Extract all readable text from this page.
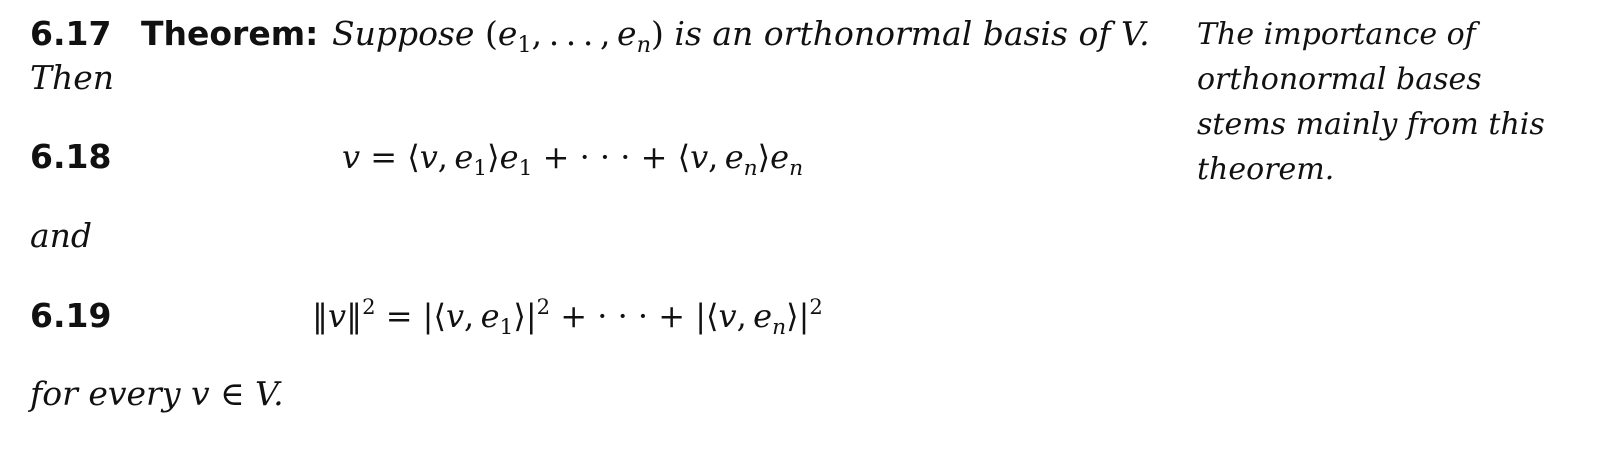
6.17 Theorem: Suppose ($e_1$, . . . , $e_n$) is an orthonormal basis of V.
Then
6.18	v = ⟨v, $e_1⟩e_1$ + · · · + ⟨v, $e_n⟩e_n$
and
6.19	‖v‖$^2$ = |⟨v, $e_1⟩|^2$ + · · · + |⟨v, $e_n⟩|^2$
for every v ∈ V.
The importance of
orthonormal bases
stems mainly from this
theorem.
